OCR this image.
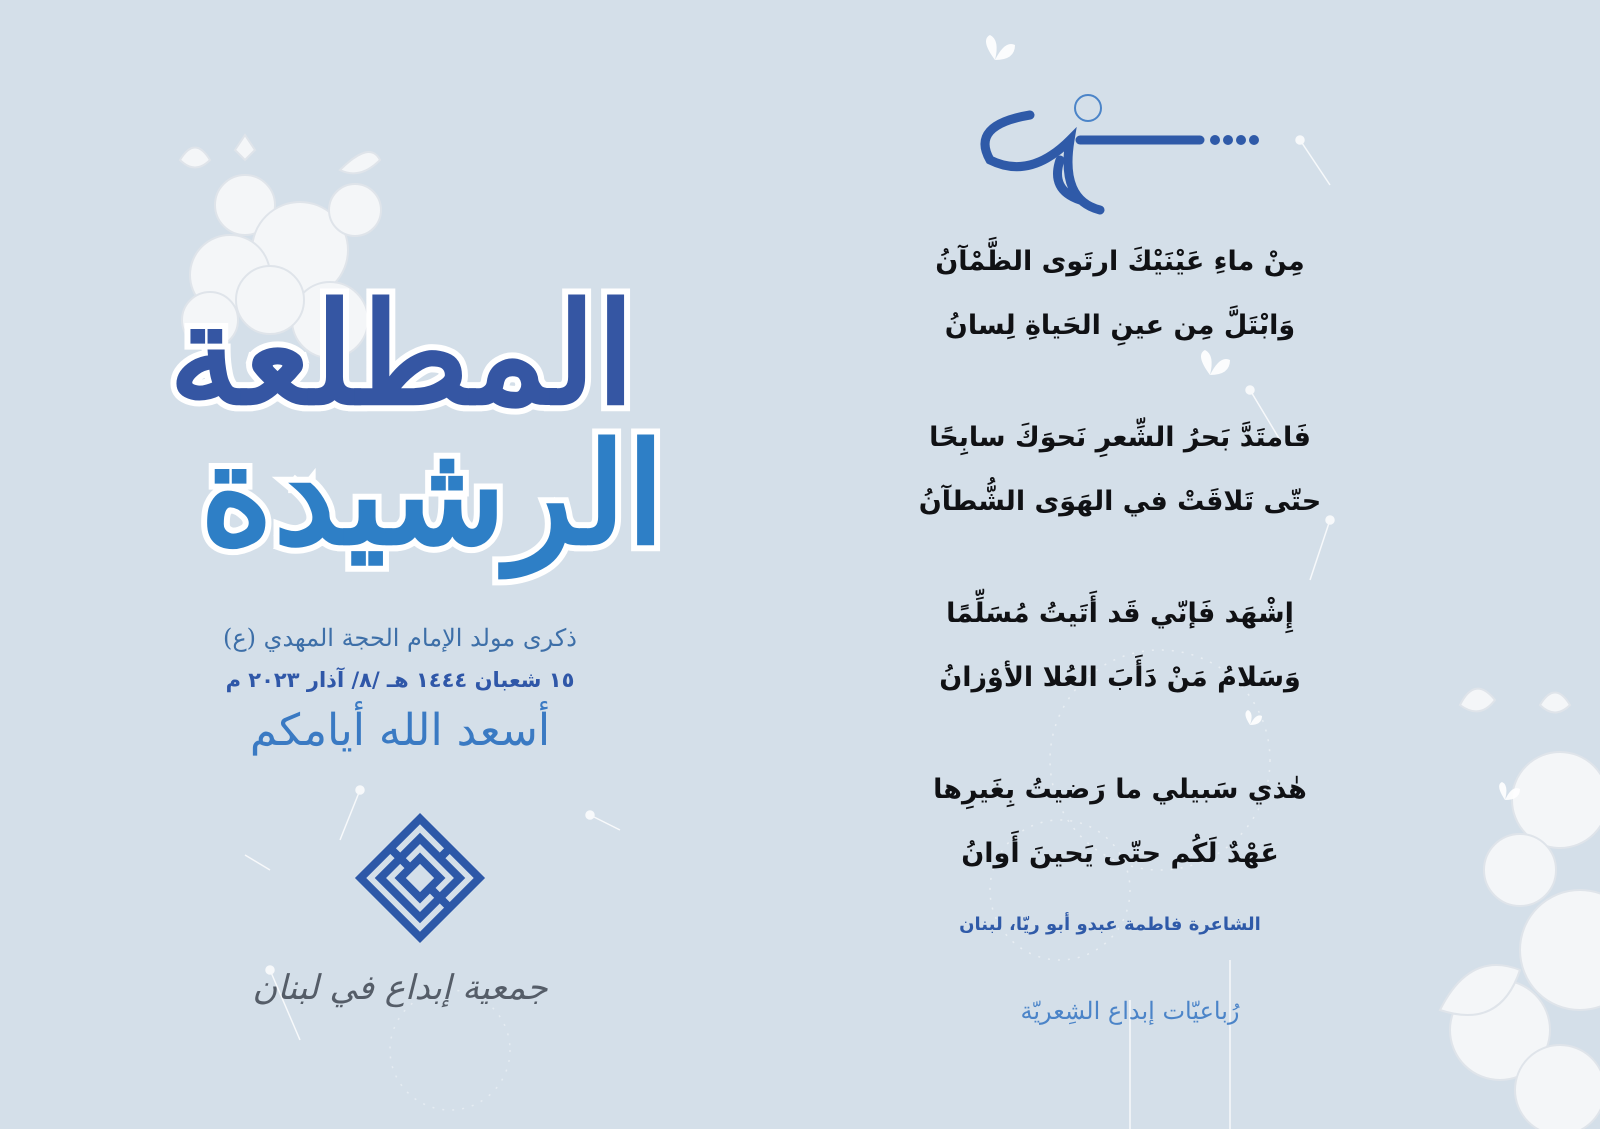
المطلعة
الرشيدة
ذكرى مولد الإمام الحجة المهدي (ع)
١٥ شعبان ١٤٤٤ هـ /٨/ آذار ٢٠٢٣ م
أسعد الله أيامكم
جمعية إبداع في لبنان
مِنْ ماءِ عَيْنَيْكَ ارتَوى الظَّمْآنُ
وَابْتَلَّ مِن عينِ الحَياةِ لِسانُ
فَامتَدَّ بَحرُ الشِّعرِ نَحوَكَ سابِحًا
حتّى تَلاقَتْ في الهَوَى الشُّطآنُ
إِشْهَد فَإنّي قَد أَتَيتُ مُسَلِّمًا
وَسَلامُ مَنْ دَأَبَ العُلا الأوْزانُ
هٰذي سَبيلي ما رَضيتُ بِغَيرِها
عَهْدٌ لَكُم حتّى يَحينَ أَوانُ
الشاعرة فاطمة عبدو أبو ريّا، لبنان
رُباعيّات إبداع الشِعريّة
